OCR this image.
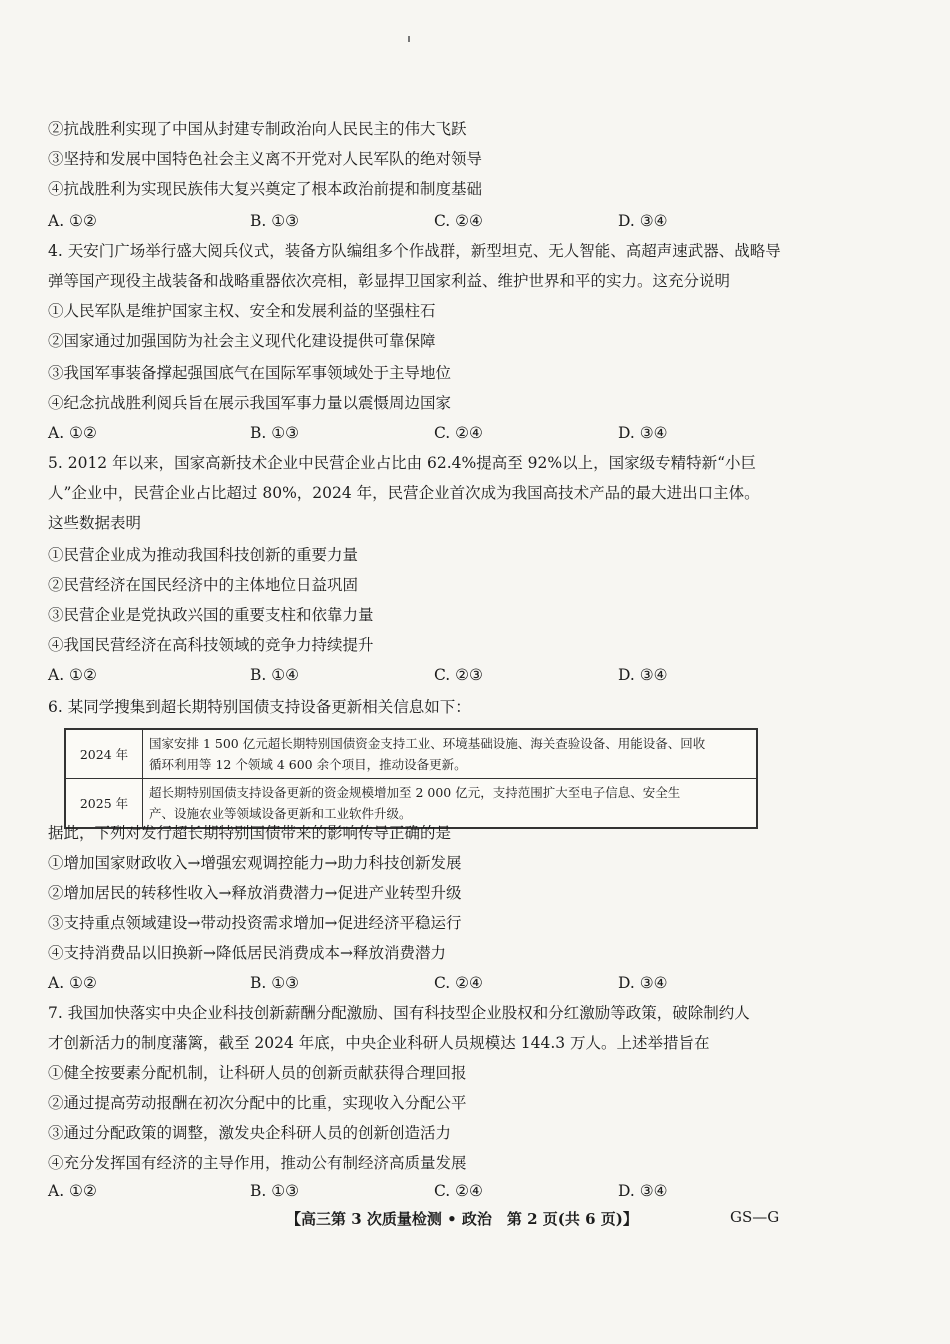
②抗战胜利实现了中国从封建专制政治向人民民主的伟大飞跃
③坚持和发展中国特色社会主义离不开党对人民军队的绝对领导
④抗战胜利为实现民族伟大复兴奠定了根本政治前提和制度基础
A. ①②	B. ①③	C. ②④	D. ③④
4. 天安门广场举行盛大阅兵仪式，装备方队编组多个作战群，新型坦克、无人智能、高超声速武器、战略导
弹等国产现役主战装备和战略重器依次亮相，彰显捍卫国家利益、维护世界和平的实力。这充分说明
①人民军队是维护国家主权、安全和发展利益的坚强柱石
②国家通过加强国防为社会主义现代化建设提供可靠保障
③我国军事装备撑起强国底气在国际军事领域处于主导地位
④纪念抗战胜利阅兵旨在展示我国军事力量以震慑周边国家
A. ①②	B. ①③	C. ②④	D. ③④
5. 2012 年以来，国家高新技术企业中民营企业占比由 62.4%提高至 92%以上，国家级专精特新“小巨
人”企业中，民营企业占比超过 80%，2024 年，民营企业首次成为我国高技术产品的最大进出口主体。
这些数据表明
①民营企业成为推动我国科技创新的重要力量
②民营经济在国民经济中的主体地位日益巩固
③民营企业是党执政兴国的重要支柱和依靠力量
④我国民营经济在高科技领域的竞争力持续提升
A. ①②	B. ①④	C. ②③	D. ③④
6. 某同学搜集到超长期特别国债支持设备更新相关信息如下：
2024 年	国家安排 1 500 亿元超长期特别国债资金支持工业、环境基础设施、海关查验设备、用能设备、回收
循环利用等 12 个领域 4 600 余个项目，推动设备更新。

2025 年	超长期特别国债支持设备更新的资金规模增加至 2 000 亿元，支持范围扩大至电子信息、安全生
产、设施农业等领域设备更新和工业软件升级。
据此，下列对发行超长期特别国债带来的影响传导正确的是
①增加国家财政收入→增强宏观调控能力→助力科技创新发展
②增加居民的转移性收入→释放消费潜力→促进产业转型升级
③支持重点领域建设→带动投资需求增加→促进经济平稳运行
④支持消费品以旧换新→降低居民消费成本→释放消费潜力
A. ①②	B. ①③	C. ②④	D. ③④
7. 我国加快落实中央企业科技创新薪酬分配激励、国有科技型企业股权和分红激励等政策，破除制约人
才创新活力的制度藩篱，截至 2024 年底，中央企业科研人员规模达 144.3 万人。上述举措旨在
①健全按要素分配机制，让科研人员的创新贡献获得合理回报
②通过提高劳动报酬在初次分配中的比重，实现收入分配公平
③通过分配政策的调整，激发央企科研人员的创新创造活力
④充分发挥国有经济的主导作用，推动公有制经济高质量发展
A. ①②	B. ①③	C. ②④	D. ③④
【高三第 3 次质量检测 • 政治　第 2 页(共 6 页)】	GS—G
